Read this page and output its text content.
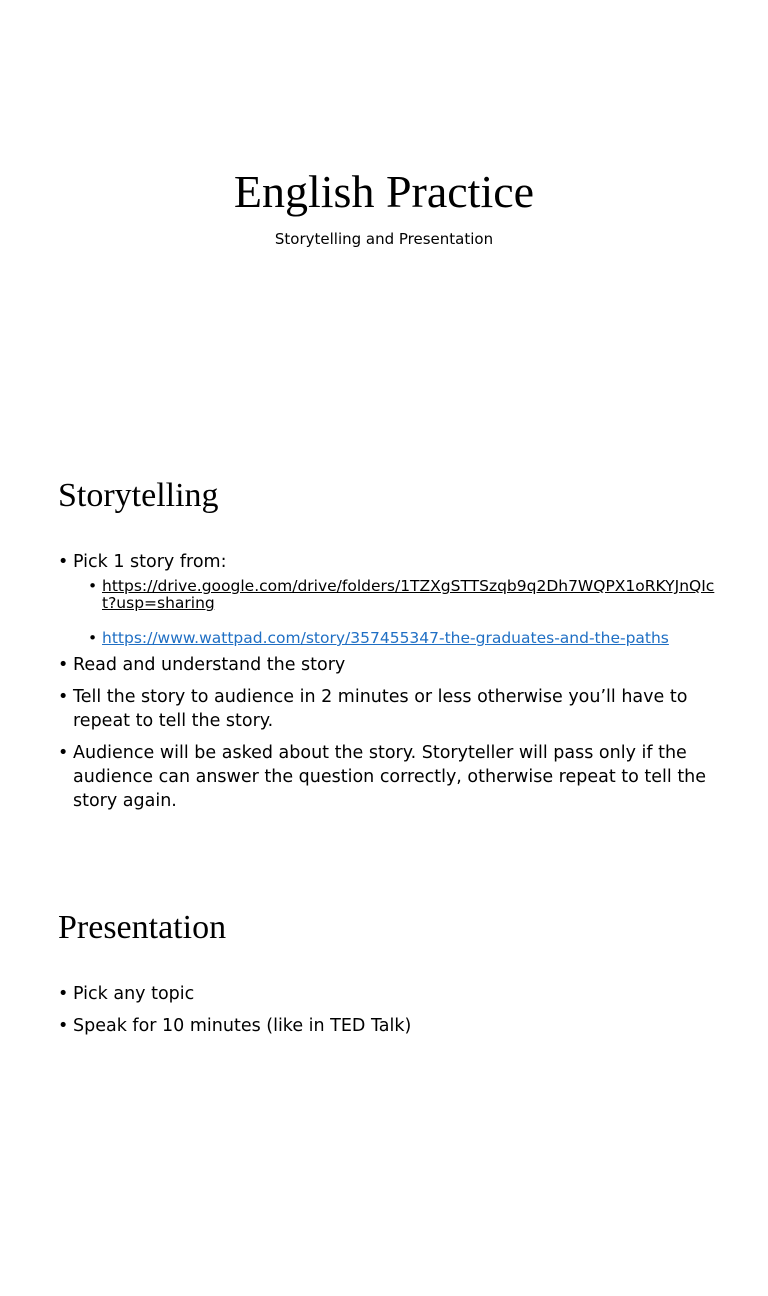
English Practice
Storytelling and Presentation
Storytelling
• Pick 1 story from:
• https://drive.google.com/drive/folders/1TZXgSTTSzqb9q2Dh7WQPX1oRKYJnQIct?usp=sharing
• https://www.wattpad.com/story/357455347-the-graduates-and-the-paths
• Read and understand the story
• Tell the story to audience in 2 minutes or less otherwise you’ll have to repeat to tell the story.
• Audience will be asked about the story. Storyteller will pass only if the audience can answer the question correctly, otherwise repeat to tell the story again.
Presentation
• Pick any topic
• Speak for 10 minutes (like in TED Talk)
